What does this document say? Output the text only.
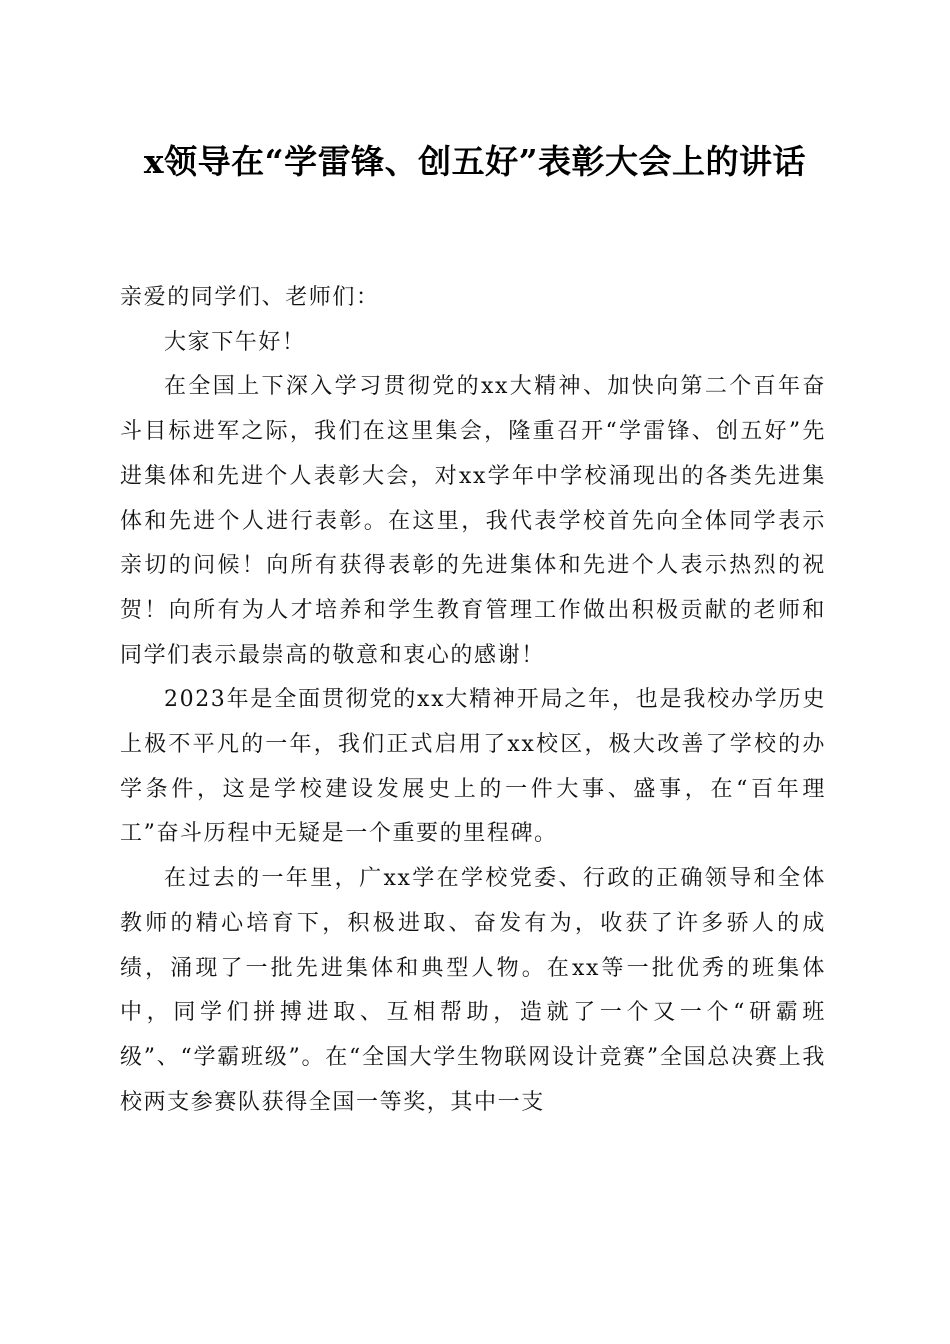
x领导在“学雷锋、创五好”表彰大会上的讲话

亲爱的同学们、老师们：

大家下午好！

在全国上下深入学习贯彻党的xx大精神、加快向第二个百年奋斗目标进军之际，我们在这里集会，隆重召开“学雷锋、创五好”先进集体和先进个人表彰大会，对xx学年中学校涌现出的各类先进集体和先进个人进行表彰。在这里，我代表学校首先向全体同学表示亲切的问候！向所有获得表彰的先进集体和先进个人表示热烈的祝贺！向所有为人才培养和学生教育管理工作做出积极贡献的老师和同学们表示最崇高的敬意和衷心的感谢！

2023年是全面贯彻党的xx大精神开局之年，也是我校办学历史上极不平凡的一年，我们正式启用了xx校区，极大改善了学校的办学条件，这是学校建设发展史上的一件大事、盛事，在“百年理工”奋斗历程中无疑是一个重要的里程碑。

在过去的一年里，广xx学在学校党委、行政的正确领导和全体教师的精心培育下，积极进取、奋发有为，收获了许多骄人的成绩，涌现了一批先进集体和典型人物。在xx等一批优秀的班集体中，同学们拼搏进取、互相帮助，造就了一个又一个“研霸班级”、“学霸班级”。在“全国大学生物联网设计竞赛”全国总决赛上我校两支参赛队获得全国一等奖，其中一支
